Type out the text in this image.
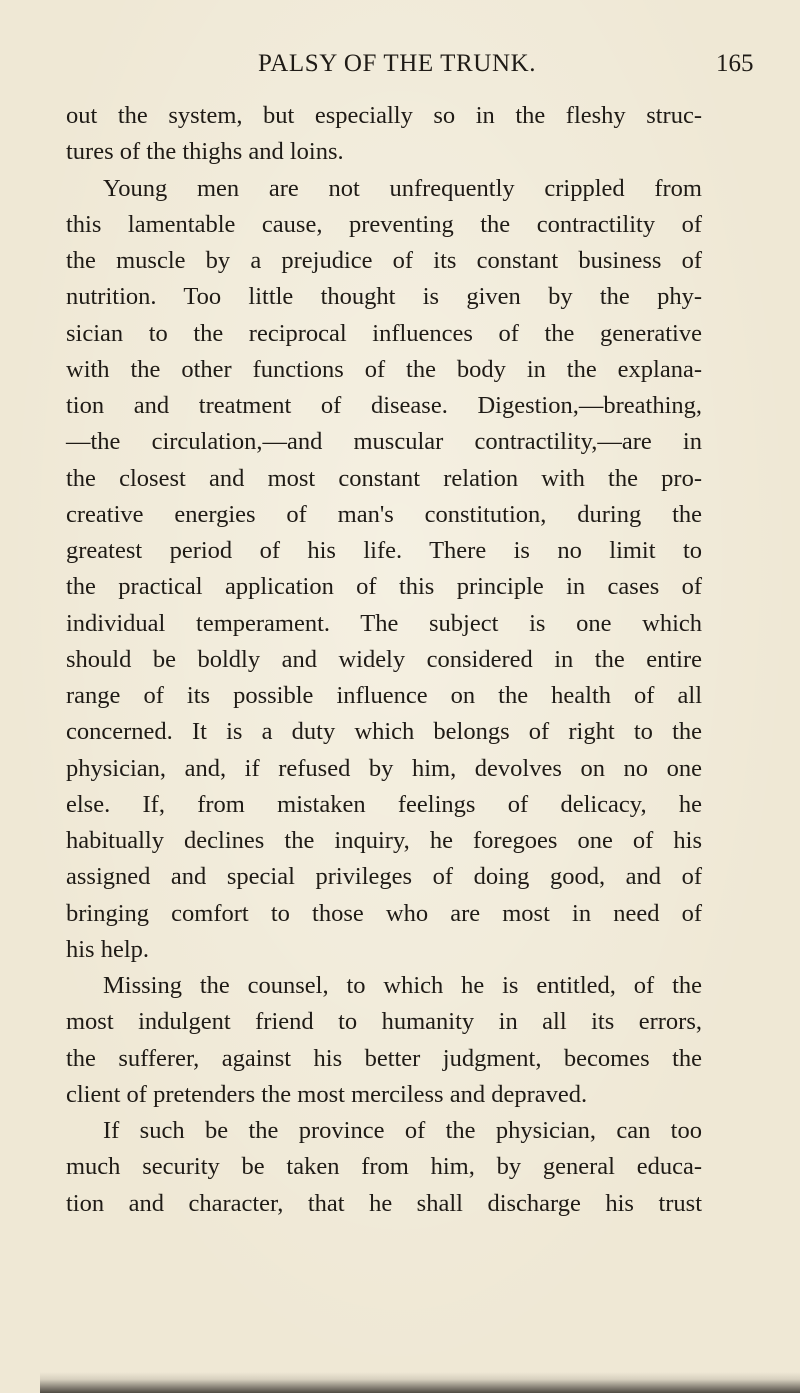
PALSY OF THE TRUNK.	165
out the system, but especially so in the fleshy struc-
tures of the thighs and loins.
Young men are not unfrequently crippled from
this lamentable cause, preventing the contractility of
the muscle by a prejudice of its constant business of
nutrition. Too little thought is given by the phy-
sician to the reciprocal influences of the generative
with the other functions of the body in the explana-
tion and treatment of disease. Digestion,—breathing,
—the circulation,—and muscular contractility,—are in
the closest and most constant relation with the pro-
creative energies of man's constitution, during the
greatest period of his life. There is no limit to
the practical application of this principle in cases of
individual temperament. The subject is one which
should be boldly and widely considered in the entire
range of its possible influence on the health of all
concerned. It is a duty which belongs of right to the
physician, and, if refused by him, devolves on no one
else. If, from mistaken feelings of delicacy, he
habitually declines the inquiry, he foregoes one of his
assigned and special privileges of doing good, and of
bringing comfort to those who are most in need of
his help.
Missing the counsel, to which he is entitled, of the
most indulgent friend to humanity in all its errors,
the sufferer, against his better judgment, becomes the
client of pretenders the most merciless and depraved.
If such be the province of the physician, can too
much security be taken from him, by general educa-
tion and character, that he shall discharge his trust
